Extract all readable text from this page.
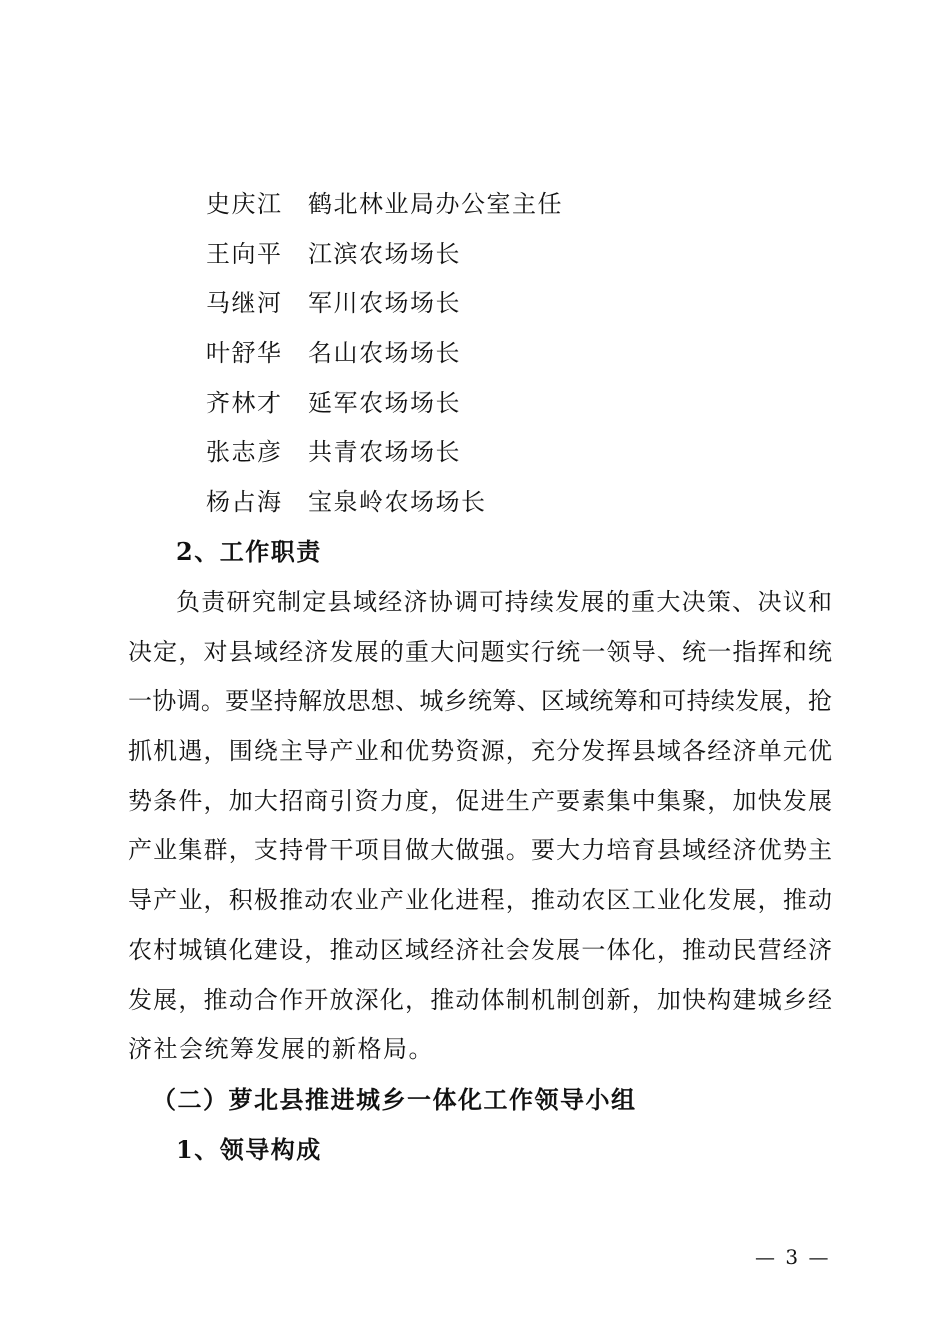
史庆江 鹤北林业局办公室主任
王向平 江滨农场场长
马继河 军川农场场长
叶舒华 名山农场场长
齐林才 延军农场场长
张志彦 共青农场场长
杨占海 宝泉岭农场场长
2、工作职责
负责研究制定县域经济协调可持续发展的重大决策、决议和
决定，对县域经济发展的重大问题实行统一领导、统一指挥和统
一协调。要坚持解放思想、城乡统筹、区域统筹和可持续发展，抢
抓机遇，围绕主导产业和优势资源，充分发挥县域各经济单元优
势条件，加大招商引资力度，促进生产要素集中集聚，加快发展
产业集群，支持骨干项目做大做强。要大力培育县域经济优势主
导产业，积极推动农业产业化进程，推动农区工业化发展，推动
农村城镇化建设，推动区域经济社会发展一体化，推动民营经济
发展，推动合作开放深化，推动体制机制创新，加快构建城乡经
济社会统筹发展的新格局。
（二）萝北县推进城乡一体化工作领导小组
1、领导构成
— 3 —
